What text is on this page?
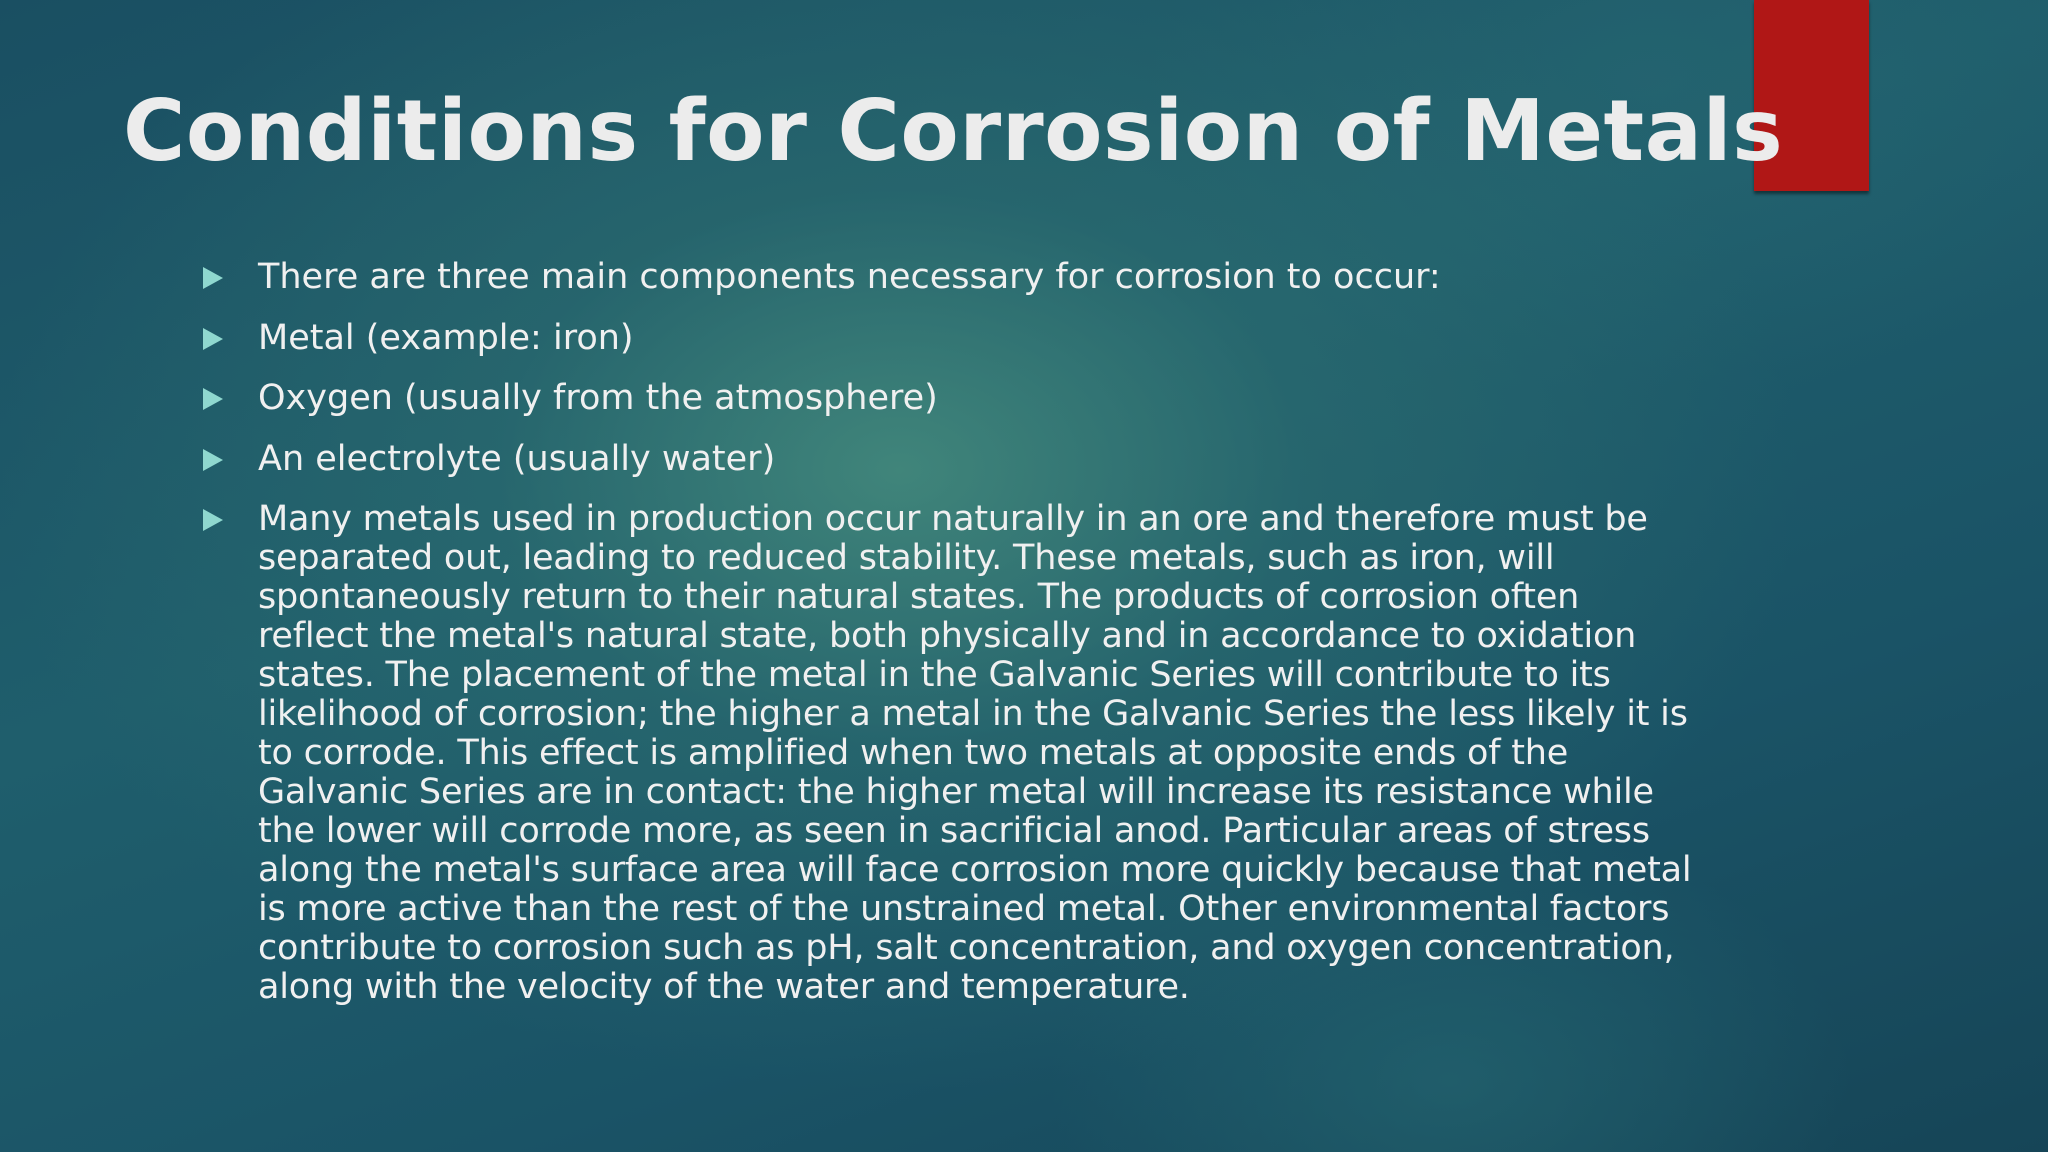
Conditions for Corrosion of Metals
There are three main components necessary for corrosion to occur:
Metal (example: iron)
Oxygen (usually from the atmosphere)
An electrolyte (usually water)
Many metals used in production occur naturally in an ore and therefore must be separated out, leading to reduced stability. These metals, such as iron, will spontaneously return to their natural states. The products of corrosion often reflect the metal's natural state, both physically and in accordance to oxidation states. The placement of the metal in the Galvanic Series will contribute to its likelihood of corrosion; the higher a metal in the Galvanic Series the less likely it is to corrode. This effect is amplified when two metals at opposite ends of the Galvanic Series are in contact: the higher metal will increase its resistance while the lower will corrode more, as seen in sacrificial anod. Particular areas of stress along the metal's surface area will face corrosion more quickly because that metal is more active than the rest of the unstrained metal. Other environmental factors contribute to corrosion such as pH, salt concentration, and oxygen concentration, along with the velocity of the water and temperature.
